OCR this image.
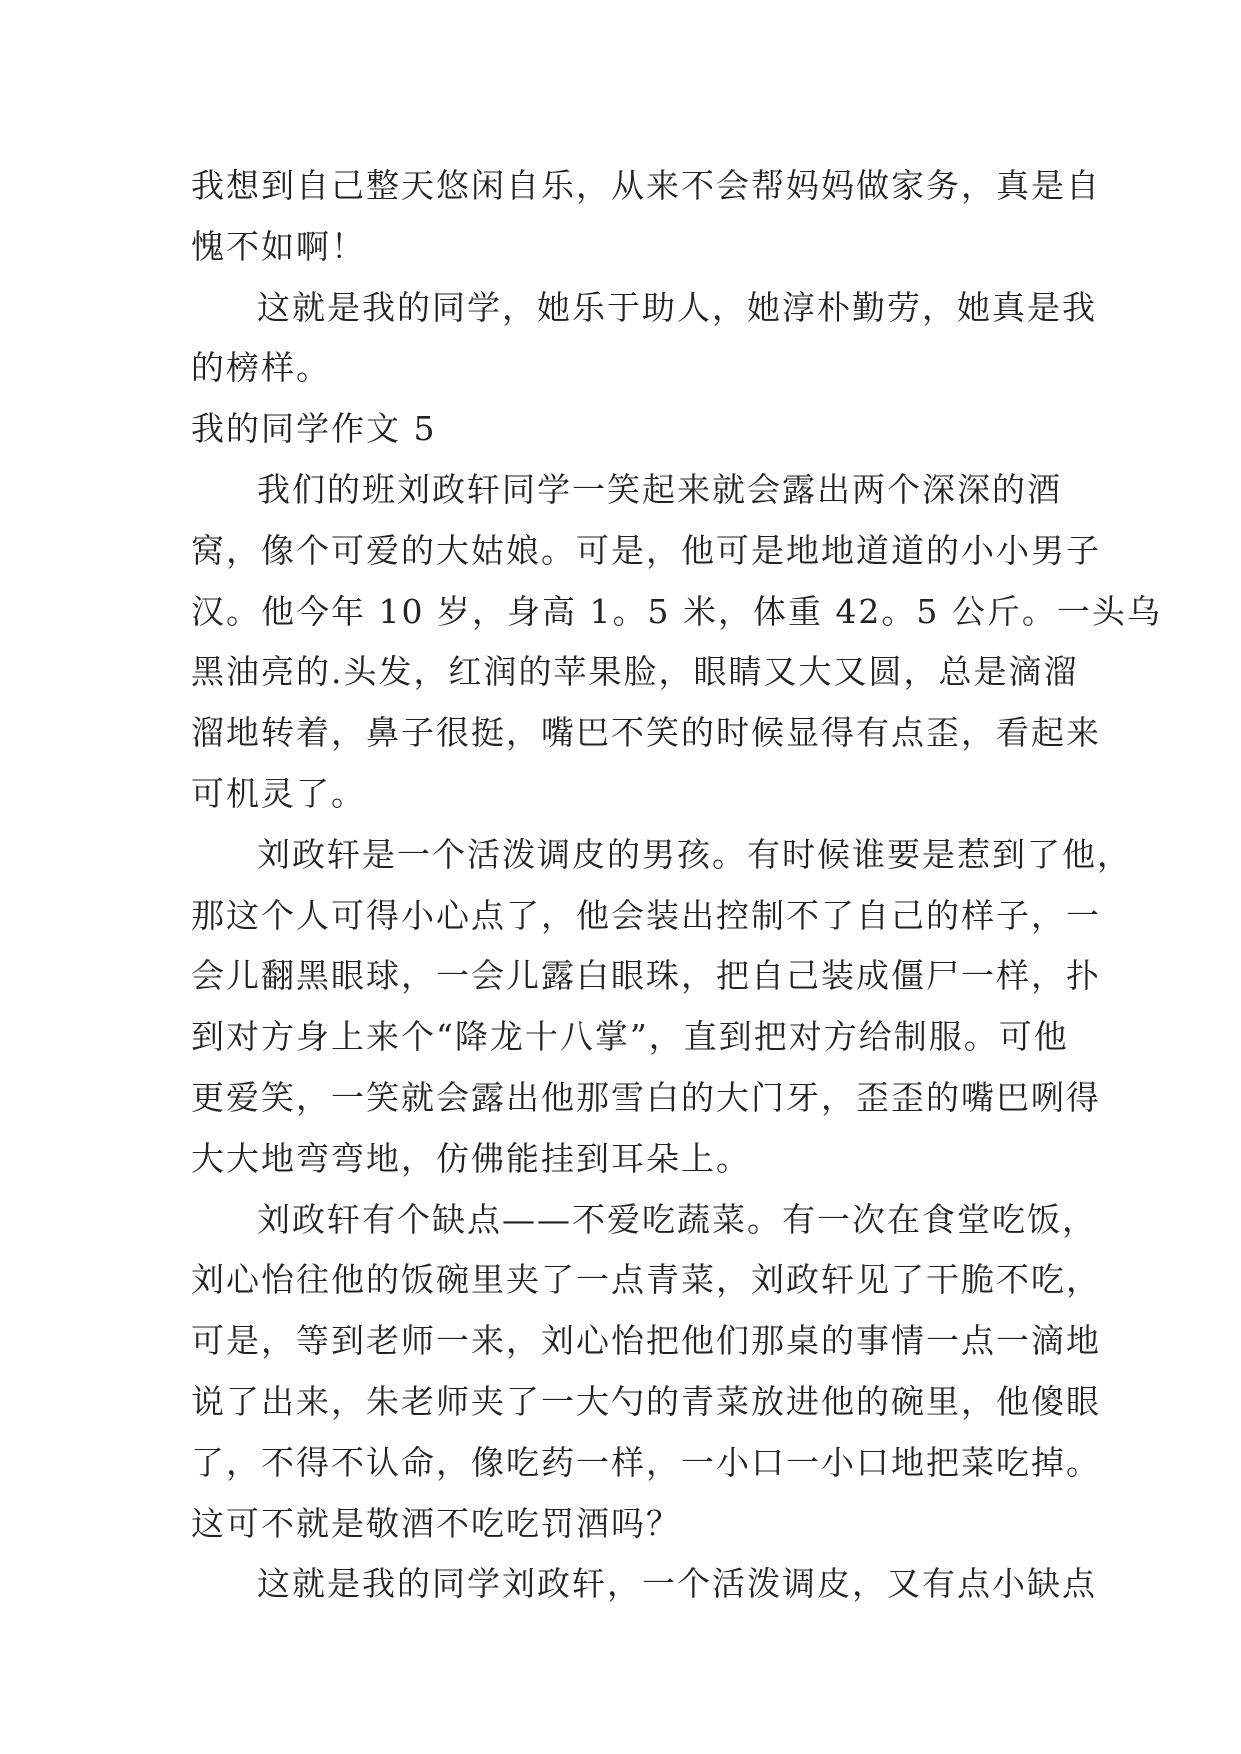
我想到自己整天悠闲自乐，从来不会帮妈妈做家务，真是自
愧不如啊！
这就是我的同学，她乐于助人，她淳朴勤劳，她真是我
的榜样。
我的同学作文 5
我们的班刘政轩同学一笑起来就会露出两个深深的酒
窝，像个可爱的大姑娘。可是，他可是地地道道的小小男子
汉。他今年 10 岁，身高 1。5 米，体重 42。5 公斤。一头乌
黑油亮的.头发，红润的苹果脸，眼睛又大又圆，总是滴溜
溜地转着，鼻子很挺，嘴巴不笑的时候显得有点歪，看起来
可机灵了。
刘政轩是一个活泼调皮的男孩。有时候谁要是惹到了他，
那这个人可得小心点了，他会装出控制不了自己的样子，一
会儿翻黑眼球，一会儿露白眼珠，把自己装成僵尸一样，扑
到对方身上来个“降龙十八掌”，直到把对方给制服。可他
更爱笑，一笑就会露出他那雪白的大门牙，歪歪的嘴巴咧得
大大地弯弯地，仿佛能挂到耳朵上。
刘政轩有个缺点——不爱吃蔬菜。有一次在食堂吃饭，
刘心怡往他的饭碗里夹了一点青菜，刘政轩见了干脆不吃，
可是，等到老师一来，刘心怡把他们那桌的事情一点一滴地
说了出来，朱老师夹了一大勺的青菜放进他的碗里，他傻眼
了，不得不认命，像吃药一样，一小口一小口地把菜吃掉。
这可不就是敬酒不吃吃罚酒吗？
这就是我的同学刘政轩，一个活泼调皮，又有点小缺点
